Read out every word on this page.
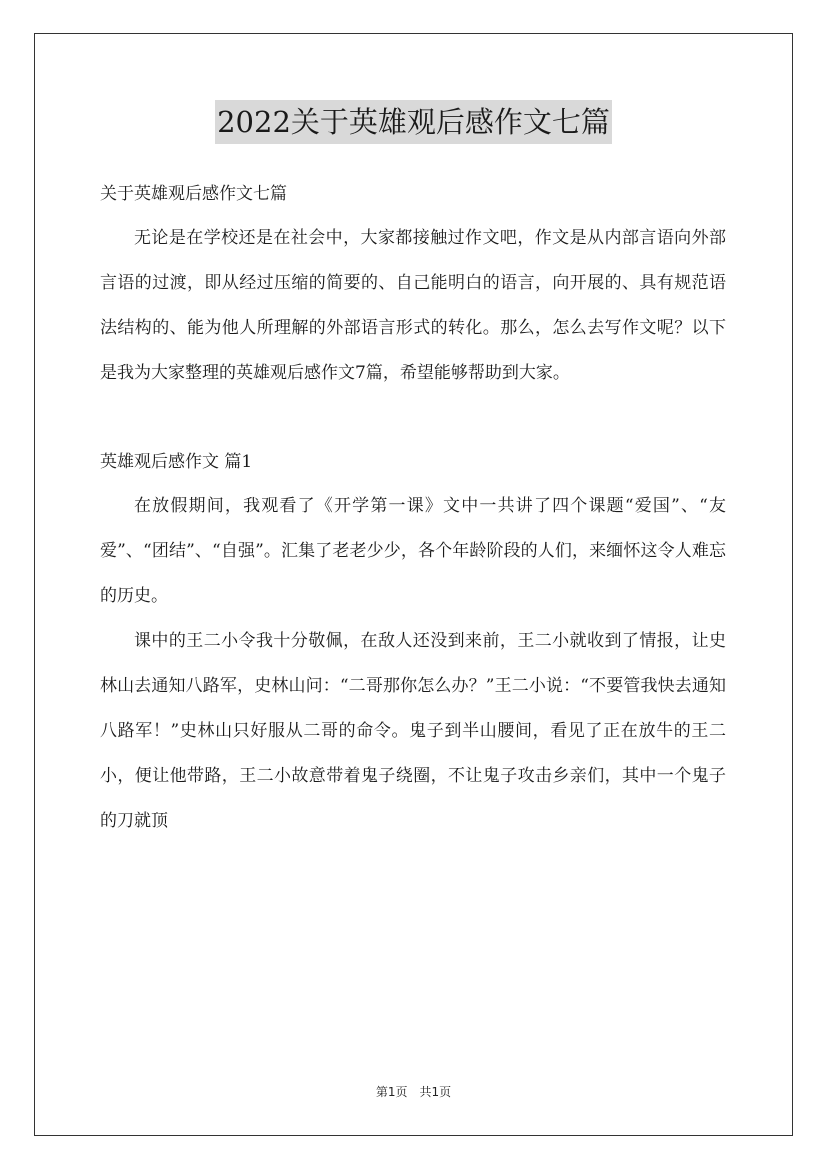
2022关于英雄观后感作文七篇

关于英雄观后感作文七篇

无论是在学校还是在社会中，大家都接触过作文吧，作文是从内部言语向外部言语的过渡，即从经过压缩的简要的、自己能明白的语言，向开展的、具有规范语法结构的、能为他人所理解的外部语言形式的转化。那么，怎么去写作文呢？以下是我为大家整理的英雄观后感作文7篇，希望能够帮助到大家。

英雄观后感作文 篇1

在放假期间，我观看了《开学第一课》文中一共讲了四个课题“爱国”、“友爱”、“团结”、“自强”。汇集了老老少少，各个年龄阶段的人们，来缅怀这令人难忘的历史。

课中的王二小令我十分敬佩，在敌人还没到来前，王二小就收到了情报，让史林山去通知八路军，史林山问：“二哥那你怎么办？”王二小说：“不要管我快去通知八路军！”史林山只好服从二哥的命令。鬼子到半山腰间，看见了正在放牛的王二小，便让他带路，王二小故意带着鬼子绕圈，不让鬼子攻击乡亲们，其中一个鬼子的刀就顶

第1页　共1页
